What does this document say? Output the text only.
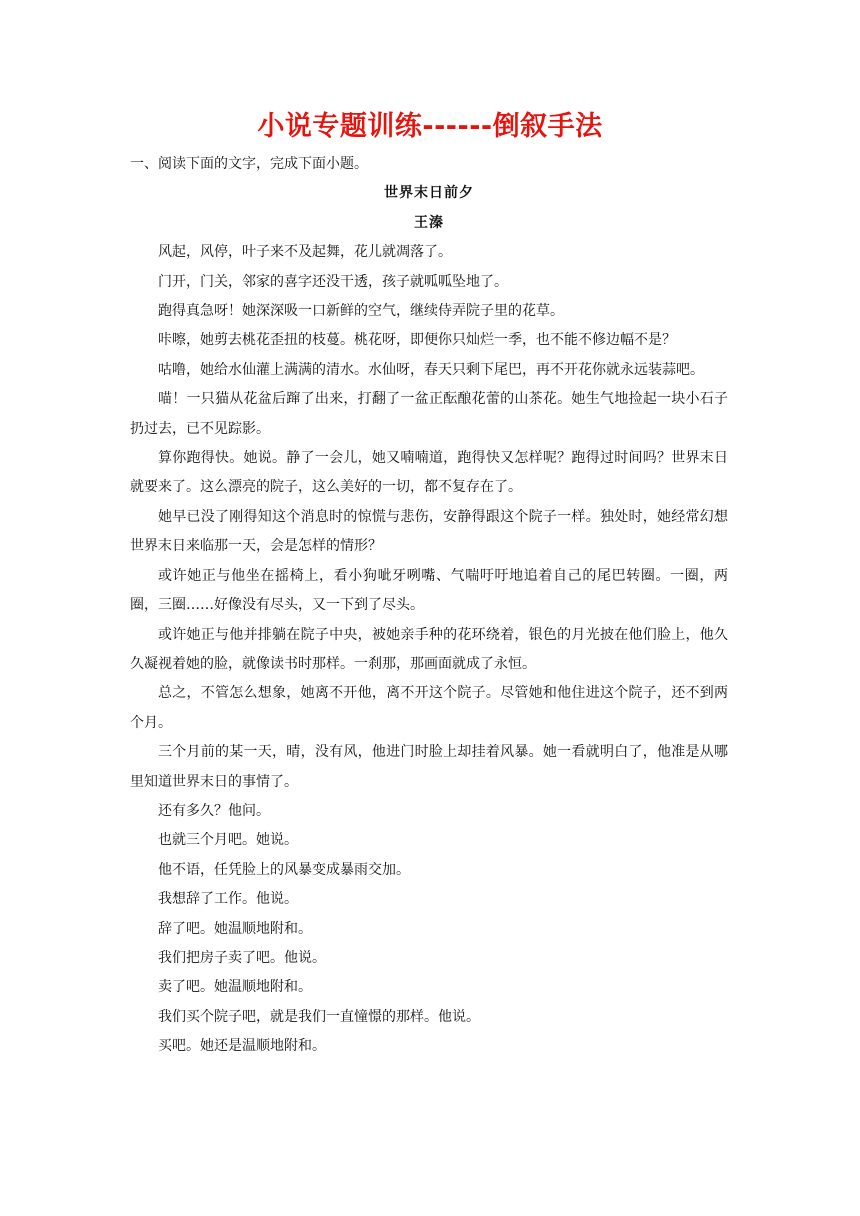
小说专题训练------倒叙手法

一、阅读下面的文字，完成下面小题。

世界末日前夕

王溱

风起，风停，叶子来不及起舞，花儿就凋落了。

门开，门关，邻家的喜字还没干透，孩子就呱呱坠地了。

跑得真急呀！她深深吸一口新鲜的空气，继续侍弄院子里的花草。

咔嚓，她剪去桃花歪扭的枝蔓。桃花呀，即便你只灿烂一季，也不能不修边幅不是？

咕噜，她给水仙灌上满满的清水。水仙呀，春天只剩下尾巴，再不开花你就永远装蒜吧。

喵！一只猫从花盆后蹿了出来，打翻了一盆正酝酿花蕾的山茶花。她生气地捡起一块小石子扔过去，已不见踪影。

算你跑得快。她说。静了一会儿，她又喃喃道，跑得快又怎样呢？跑得过时间吗？世界末日就要来了。这么漂亮的院子，这么美好的一切，都不复存在了。

她早已没了刚得知这个消息时的惊慌与悲伤，安静得跟这个院子一样。独处时，她经常幻想世界末日来临那一天，会是怎样的情形？

或许她正与他坐在摇椅上，看小狗呲牙咧嘴、气喘吁吁地追着自己的尾巴转圈。一圈，两圈，三圈……好像没有尽头，又一下到了尽头。

或许她正与他并排躺在院子中央，被她亲手种的花环绕着，银色的月光披在他们脸上，他久久凝视着她的脸，就像读书时那样。一刹那，那画面就成了永恒。

总之，不管怎么想象，她离不开他，离不开这个院子。尽管她和他住进这个院子，还不到两个月。

三个月前的某一天，晴，没有风，他进门时脸上却挂着风暴。她一看就明白了，他准是从哪里知道世界末日的事情了。

还有多久？他问。

也就三个月吧。她说。

他不语，任凭脸上的风暴变成暴雨交加。

我想辞了工作。他说。

辞了吧。她温顺地附和。

我们把房子卖了吧。他说。

卖了吧。她温顺地附和。

我们买个院子吧，就是我们一直憧憬的那样。他说。

买吧。她还是温顺地附和。
